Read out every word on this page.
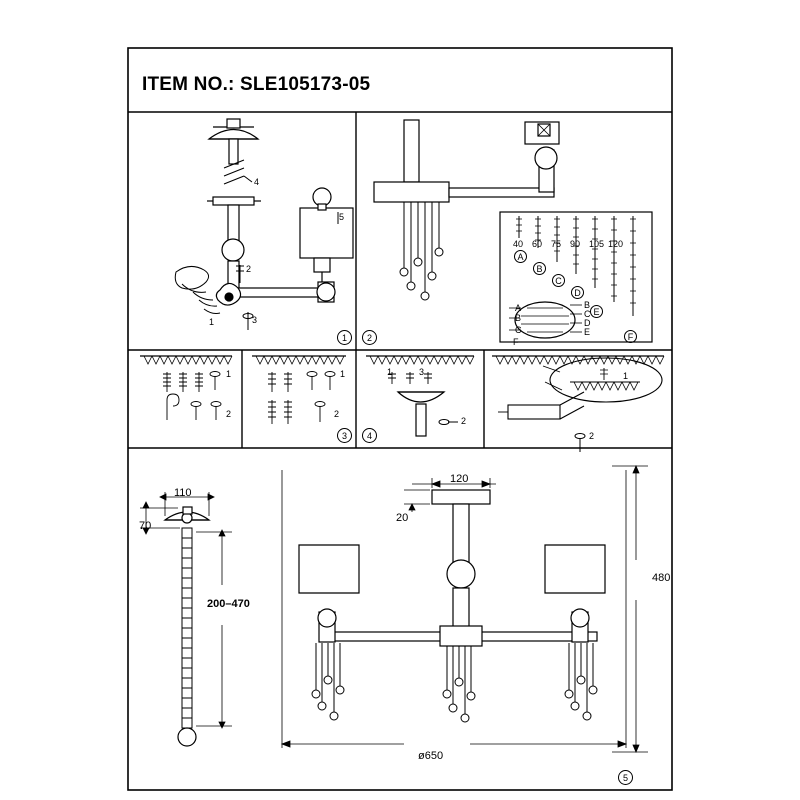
ITEM NO.: SLE105173-05
1	2
3	4
5
5
2
4
3
1
40 60 75 90 105 120
A
B
C
D
E
F
A
B
C
B
C
D
E
F
1
2
1
2
1	3
2
1
2
110
70
200–470
120
20
480
ø650
